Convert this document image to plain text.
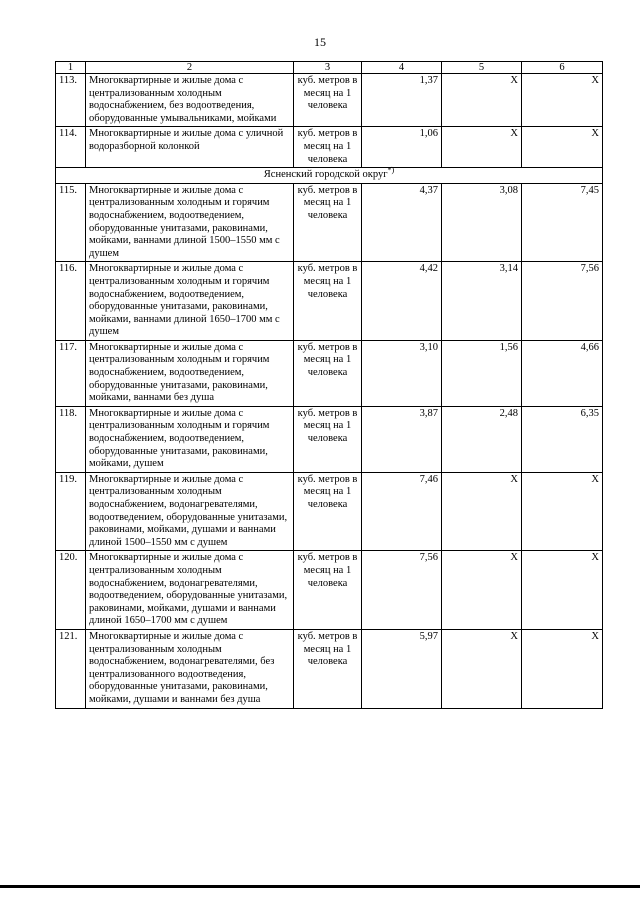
15
1	2	3	4	5	6
113.	Многоквартирные и жилые дома с централизованным холодным водоснабжением, без водоотведения, оборудованные умывальниками, мойками	куб. метров в месяц на 1 человека	1,37	X	X
114.	Многоквартирные и жилые дома с уличной водоразборной колонкой	куб. метров в месяц на 1 человека	1,06	X	X
Ясненский городской округ*)
115.	Многоквартирные и жилые дома с централизованным холодным и горячим водоснабжением, водоотведением, оборудованные унитазами, раковинами, мойками, ваннами длиной 1500–1550 мм с душем	куб. метров в месяц на 1 человека	4,37	3,08	7,45
116.	Многоквартирные и жилые дома с централизованным холодным и горячим водоснабжением, водоотведением, оборудованные унитазами, раковинами, мойками, ваннами длиной 1650–1700 мм с душем	куб. метров в месяц на 1 человека	4,42	3,14	7,56
117.	Многоквартирные и жилые дома с централизованным холодным и горячим водоснабжением, водоотведением, оборудованные унитазами, раковинами, мойками, ваннами без душа	куб. метров в месяц на 1 человека	3,10	1,56	4,66
118.	Многоквартирные и жилые дома с централизованным холодным и горячим водоснабжением, водоотведением, оборудованные унитазами, раковинами, мойками, душем	куб. метров в месяц на 1 человека	3,87	2,48	6,35
119.	Многоквартирные и жилые дома с централизованным холодным водоснабжением, водонагревателями, водоотведением, оборудованные унитазами, раковинами, мойками, душами и ваннами длиной 1500–1550 мм с душем	куб. метров в месяц на 1 человека	7,46	X	X
120.	Многоквартирные и жилые дома с централизованным холодным водоснабжением, водонагревателями, водоотведением, оборудованные унитазами, раковинами, мойками, душами и ваннами длиной 1650–1700 мм с душем	куб. метров в месяц на 1 человека	7,56	X	X
121.	Многоквартирные и жилые дома с централизованным холодным водоснабжением, водонагревателями, без централизованного водоотведения, оборудованные унитазами, раковинами, мойками, душами и ваннами без душа	куб. метров в месяц на 1 человека	5,97	X	X
